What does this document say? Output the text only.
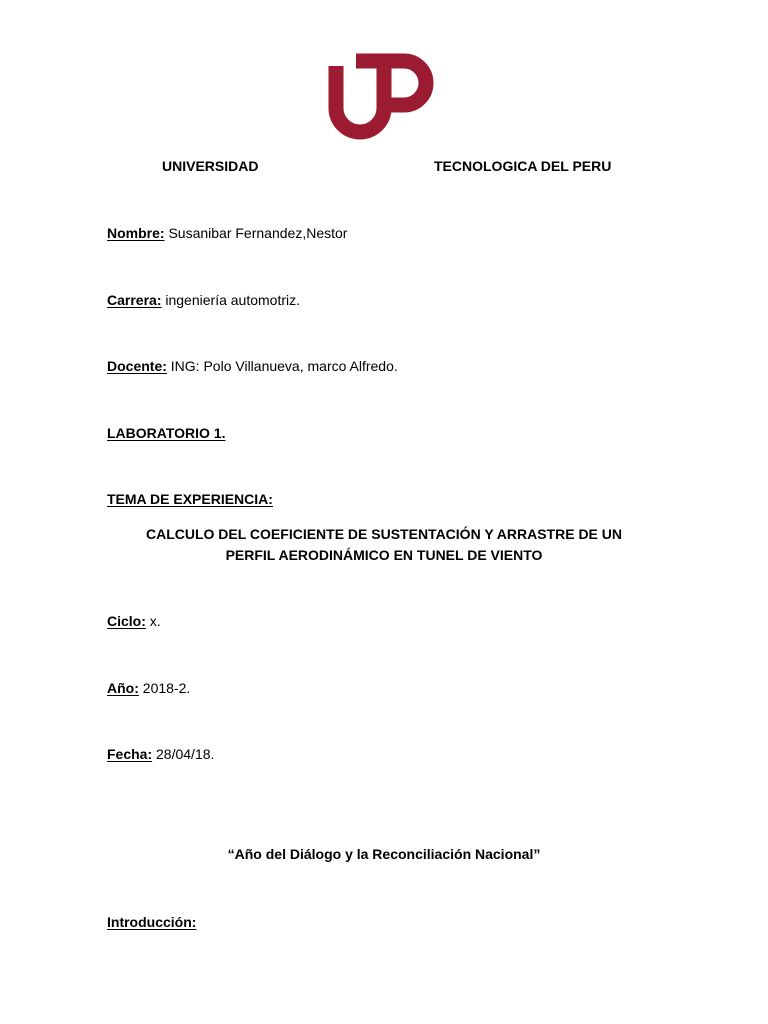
UNIVERSIDAD	TECNOLOGICA DEL PERU
Nombre: Susanibar Fernandez,Nestor
Carrera: ingeniería automotriz.
Docente: ING: Polo Villanueva, marco Alfredo.
LABORATORIO 1.
TEMA DE EXPERIENCIA:
CALCULO DEL COEFICIENTE DE SUSTENTACIÓN Y ARRASTRE DE UN
PERFIL AERODINÁMICO EN TUNEL DE VIENTO
Ciclo: x.
Año: 2018-2.
Fecha: 28/04/18.
“Año del Diálogo y la Reconciliación Nacional”
Introducción:
